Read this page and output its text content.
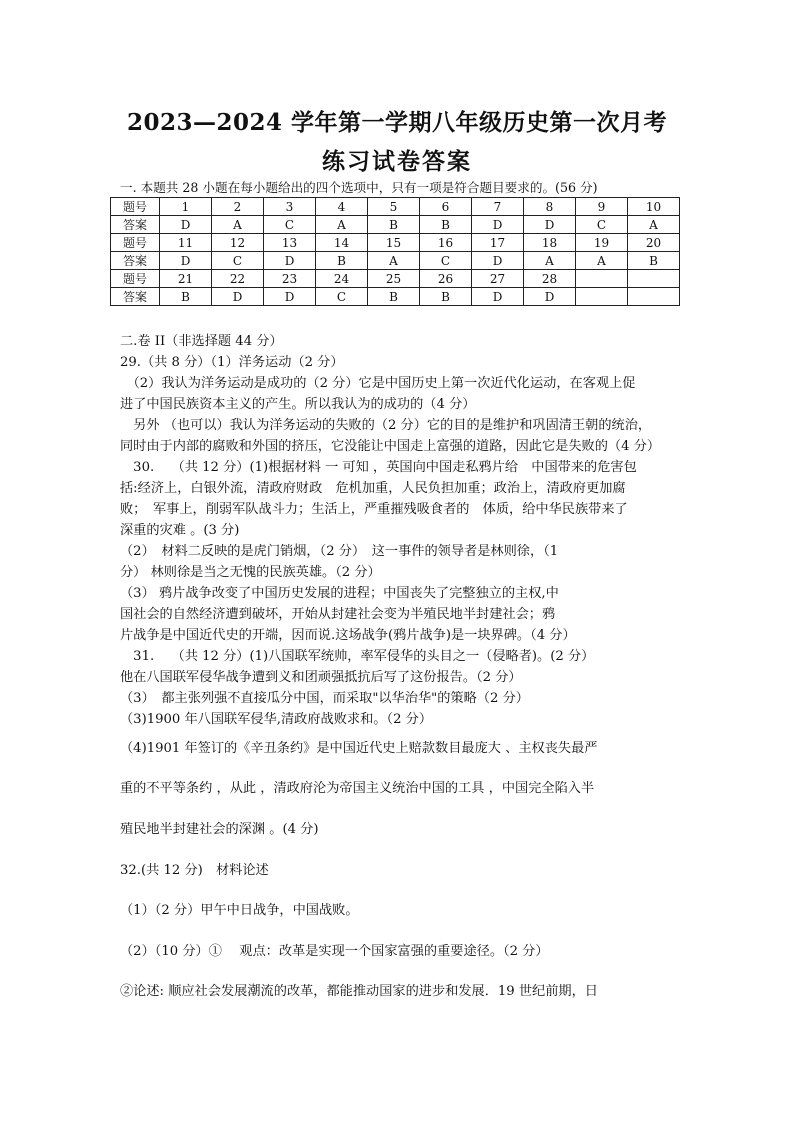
2023—2024 学年第一学期八年级历史第一次月考
练习试卷答案
一. 本题共 28 小题在每小题给出的四个选项中，只有一项是符合题目要求的。(56 分)
题号	1	2	3	4	5	6	7	8	9	10
答案	D	A	C	A	B	B	D	D	C	A
题号	11	12	13	14	15	16	17	18	19	20
答案	D	C	D	B	A	C	D	A	A	B
题号	21	22	23	24	25	26	27	28		
答案	B	D	D	C	B	B	D	D		
二.卷 II（非选择题 44 分）
29.（共 8 分）（1）洋务运动（2 分）
　（2）我认为洋务运动是成功的（2 分）它是中国历史上第一次近代化运动，在客观上促
进了中国民族资本主义的产生。所以我认为的成功的（4 分）
　另外 （也可以）我认为洋务运动的失败的（2 分）它的目的是维护和巩固清王朝的统治，
同时由于内部的腐败和外国的挤压，它没能让中国走上富强的道路，因此它是失败的（4 分）
　30.　 （共 12 分）(1)根据材料 一 可知 ，英国向中国走私鸦片给　中国带来的危害包
括:经济上，白银外流，清政府财政　危机加重，人民负担加重；政治上，清政府更加腐
败；　军事上，削弱军队战斗力；生活上，严重摧残吸食者的　体质，给中华民族带来了
深重的灾难 。(3 分)
（2）　材料二反映的是虎门销烟，（2 分）　这一事件的领导者是林则徐，（1
分） 林则徐是当之无愧的民族英雄。（2 分）
（3） 鸦片战争改变了中国历史发展的进程；中国丧失了完整独立的主权,中
国社会的自然经济遭到破坏，开始从封建社会变为半殖民地半封建社会；鸦
片战争是中国近代史的开端，因而说.这场战争(鸦片战争)是一块界碑。（4 分）
　31.　 （共 12 分）(1)八国联军统帅，率军侵华的头目之一（侵略者)。(2 分）
他在八国联军侵华战争遭到义和团顽强抵抗后写了这份报告。（2 分）
（3）　都主张列强不直接瓜分中国，而采取"以华治华"的策略（2 分）
（3)1900 年八国联军侵华,清政府战败求和。（2 分）
（4)1901 年签订的《辛丑条约》是中国近代史上赔款数目最庞大 、主权丧失最严
重的不平等条约 ，从此 ，清政府沦为帝国主义统治中国的工具 ，中国完全陷入半
殖民地半封建社会的深渊 。(4 分)
32.(共 12 分)　材料论述
（1）（2 分）甲午中日战争，中国战败。
（2）（10 分）①　 观点：改革是实现一个国家富强的重要途径。（2 分）
②论述: 顺应社会发展潮流的改革，都能推动国家的进步和发展．19 世纪前期，日
